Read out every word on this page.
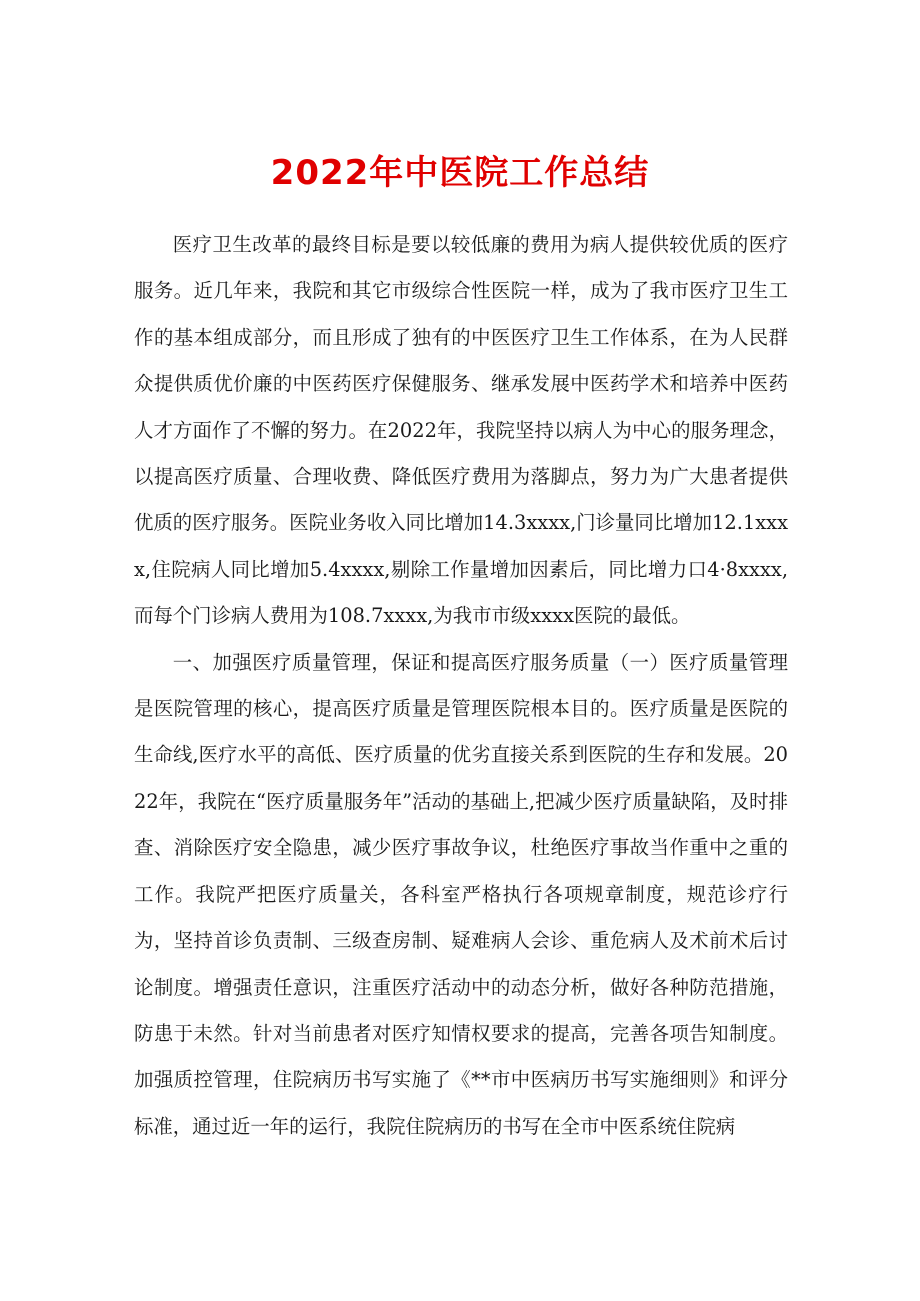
2022年中医院工作总结

医疗卫生改革的最终目标是要以较低廉的费用为病人提供较优质的医疗服务。近几年来，我院和其它市级综合性医院一样，成为了我市医疗卫生工作的基本组成部分，而且形成了独有的中医医疗卫生工作体系，在为人民群众提供质优价廉的中医药医疗保健服务、继承发展中医药学术和培养中医药人才方面作了不懈的努力。在2022年，我院坚持以病人为中心的服务理念，以提高医疗质量、合理收费、降低医疗费用为落脚点，努力为广大患者提供优质的医疗服务。医院业务收入同比增加14.3xxxx,门诊量同比增加12.1xxxx,住院病人同比增加5.4xxxx,剔除工作量增加因素后，同比增力口4·8xxxx,而每个门诊病人费用为108.7xxxx,为我市市级xxxx医院的最低。

一、加强医疗质量管理，保证和提高医疗服务质量（一）医疗质量管理是医院管理的核心，提高医疗质量是管理医院根本目的。医疗质量是医院的生命线,医疗水平的高低、医疗质量的优劣直接关系到医院的生存和发展。2022年，我院在“医疗质量服务年”活动的基础上,把减少医疗质量缺陷，及时排查、消除医疗安全隐患，减少医疗事故争议，杜绝医疗事故当作重中之重的工作。我院严把医疗质量关，各科室严格执行各项规章制度，规范诊疗行为，坚持首诊负责制、三级查房制、疑难病人会诊、重危病人及术前术后讨论制度。增强责任意识，注重医疗活动中的动态分析，做好各种防范措施，防患于未然。针对当前患者对医疗知情权要求的提高，完善各项告知制度。加强质控管理，住院病历书写实施了《**市中医病历书写实施细则》和评分标准，通过近一年的运行，我院住院病历的书写在全市中医系统住院病
